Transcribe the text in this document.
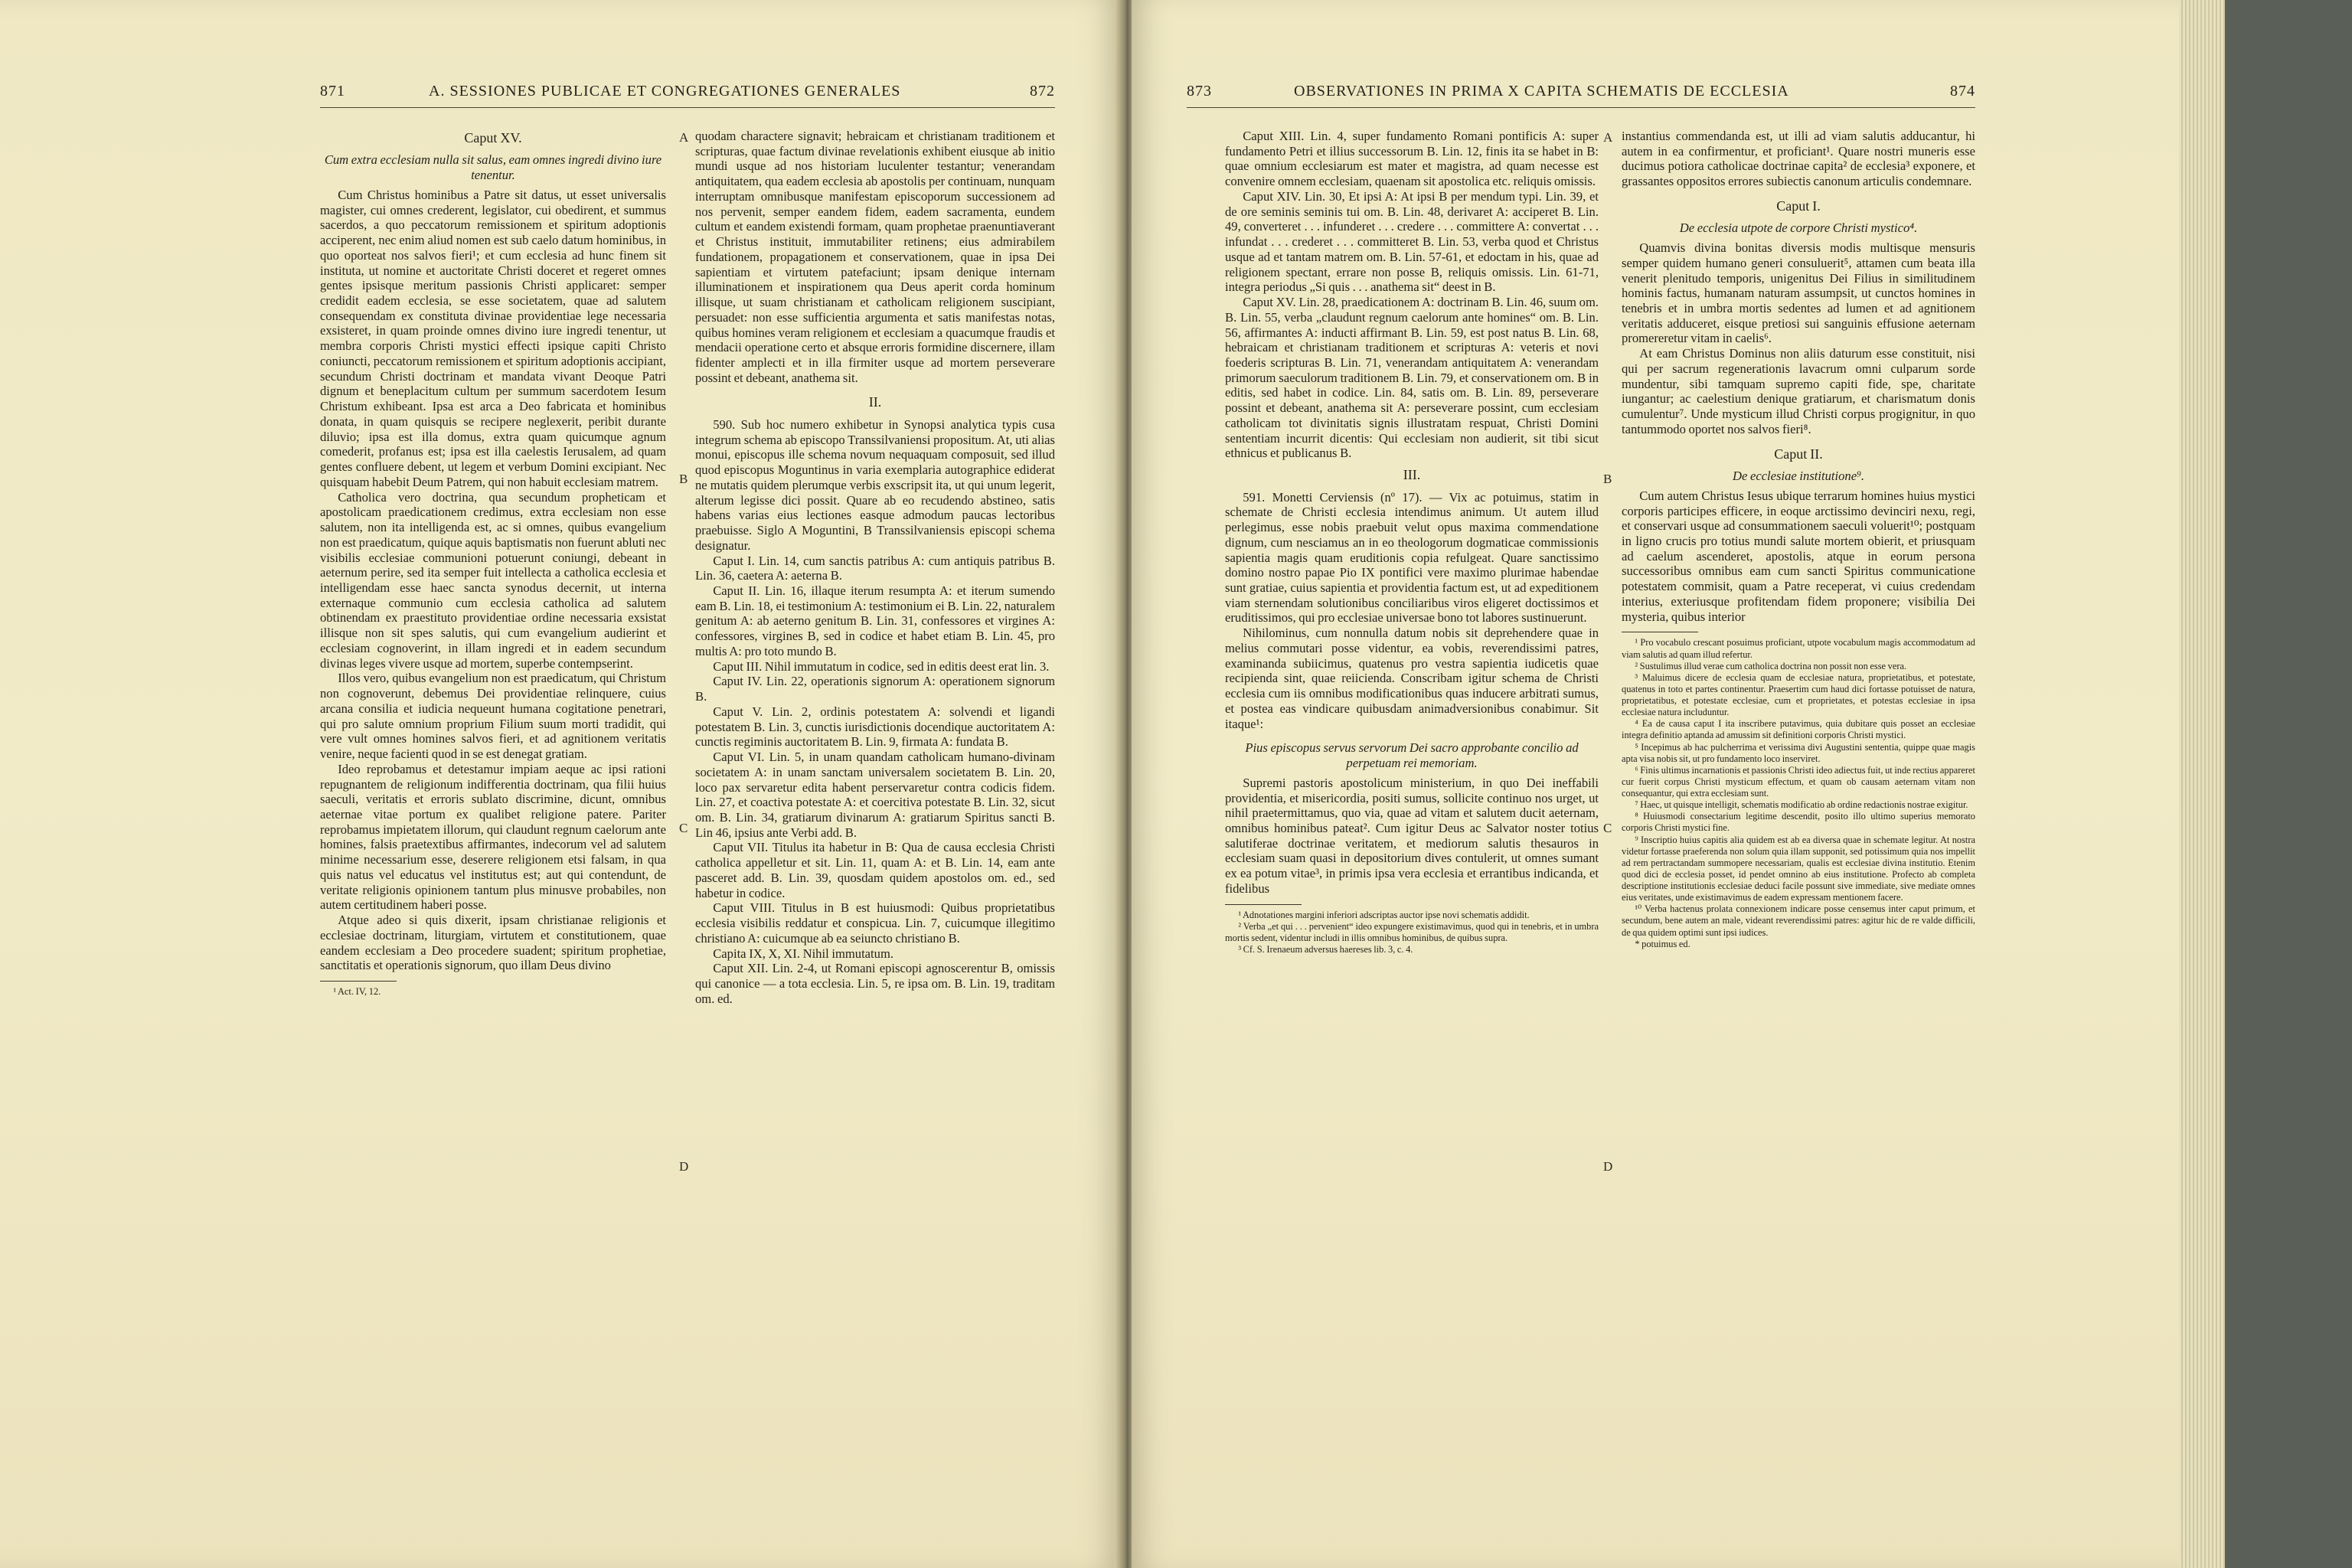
871	A. SESSIONES PUBLICAE ET CONGREGATIONES GENERALES	872

Caput XV.

Cum extra ecclesiam nulla sit salus, eam omnes ingredi divino iure tenentur.

Cum Christus hominibus a Patre sit datus, ut esset universalis magister, cui omnes crederent, legislator, cui obedirent, et summus sacerdos, a quo peccatorum remissionem et spiritum adoptionis acciperent, nec enim aliud nomen est sub caelo datum hominibus, in quo oporteat nos salvos fieri¹; et cum ecclesia ad hunc finem sit instituta, ut nomine et auctoritate Christi doceret et regeret omnes gentes ipsisque meritum passionis Christi applicaret: semper credidit eadem ecclesia, se esse societatem, quae ad salutem consequendam ex constituta divinae providentiae lege necessaria exsisteret, in quam proinde omnes divino iure ingredi tenentur, ut membra corporis Christi mystici effecti ipsique capiti Christo coniuncti, peccatorum remissionem et spiritum adoptionis accipiant, secundum Christi doctrinam et mandata vivant Deoque Patri dignum et beneplacitum cultum per summum sacerdotem Iesum Christum exhibeant. Ipsa est arca a Deo fabricata et hominibus donata, in quam quisquis se recipere neglexerit, peribit durante diluvio; ipsa est illa domus, extra quam quicumque agnum comederit, profanus est; ipsa est illa caelestis Ierusalem, ad quam gentes confluere debent, ut legem et verbum Domini excipiant. Nec quisquam habebit Deum Patrem, qui non habuit ecclesiam matrem.

Catholica vero doctrina, qua secundum propheticam et apostolicam praedicationem credimus, extra ecclesiam non esse salutem, non ita intelligenda est, ac si omnes, quibus evangelium non est praedicatum, quique aquis baptismatis non fuerunt abluti nec visibilis ecclesiae communioni potuerunt coniungi, debeant in aeternum perire, sed ita semper fuit intellecta a catholica ecclesia et intelligendam esse haec sancta synodus decernit, ut interna externaque communio cum ecclesia catholica ad salutem obtinendam ex praestituto providentiae ordine necessaria exsistat illisque non sit spes salutis, qui cum evangelium audierint et ecclesiam cognoverint, in illam ingredi et in eadem secundum divinas leges vivere usque ad mortem, superbe contempserint.

Illos vero, quibus evangelium non est praedicatum, qui Christum non cognoverunt, debemus Dei providentiae relinquere, cuius arcana consilia et iudicia nequeunt humana cogitatione penetrari, qui pro salute omnium proprium Filium suum morti tradidit, qui vere vult omnes homines salvos fieri, et ad agnitionem veritatis venire, neque facienti quod in se est denegat gratiam.

Ideo reprobamus et detestamur impiam aeque ac ipsi rationi repugnantem de religionum indifferentia doctrinam, qua filii huius saeculi, veritatis et erroris sublato discrimine, dicunt, omnibus aeternae vitae portum ex qualibet religione patere. Pariter reprobamus impietatem illorum, qui claudunt regnum caelorum ante homines, falsis praetextibus affirmantes, indecorum vel ad salutem minime necessarium esse, deserere religionem etsi falsam, in qua quis natus vel educatus vel institutus est; aut qui contendunt, de veritate religionis opinionem tantum plus minusve probabiles, non autem certitudinem haberi posse.

Atque adeo si quis dixerit, ipsam christianae religionis et ecclesiae doctrinam, liturgiam, virtutem et constitutionem, quae eandem ecclesiam a Deo procedere suadent; spiritum prophetiae, sanctitatis et operationis signorum, quo illam Deus divino

¹ Act. IV, 12.

A
B
C
D

quodam charactere signavit; hebraicam et christianam traditionem et scripturas, quae factum divinae revelationis exhibent eiusque ab initio mundi usque ad nos historiam luculenter testantur; venerandam antiquitatem, qua eadem ecclesia ab apostolis per continuam, nunquam interruptam omnibusque manifestam episcoporum successionem ad nos pervenit, semper eandem fidem, eadem sacramenta, eundem cultum et eandem existendi formam, quam prophetae praenuntiaverant et Christus instituit, immutabiliter retinens; eius admirabilem fundationem, propagationem et conservationem, quae in ipsa Dei sapientiam et virtutem patefaciunt; ipsam denique internam illuminationem et inspirationem qua Deus aperit corda hominum illisque, ut suam christianam et catholicam religionem suscipiant, persuadet: non esse sufficientia argumenta et satis manifestas notas, quibus homines veram religionem et ecclesiam a quacumque fraudis et mendacii operatione certo et absque erroris formidine discernere, illam fidenter amplecti et in illa firmiter usque ad mortem perseverare possint et debeant, anathema sit.

II.

590. Sub hoc numero exhibetur in Synopsi analytica typis cusa integrum schema ab episcopo Transsilvaniensi propositum. At, uti alias monui, episcopus ille schema novum nequaquam composuit, sed illud quod episcopus Moguntinus in varia exemplaria autographice ediderat ne mutatis quidem plerumque verbis exscripsit ita, ut qui unum legerit, alterum legisse dici possit. Quare ab eo recudendo abstineo, satis habens varias eius lectiones easque admodum paucas lectoribus praebuisse. Siglo A Moguntini, B Transsilvaniensis episcopi schema designatur.

Caput I. Lin. 14, cum sanctis patribus A: cum antiquis patribus B. Lin. 36, caetera A: aeterna B.

Caput II. Lin. 16, illaque iterum resumpta A: et iterum sumendo eam B. Lin. 18, ei testimonium A: testimonium ei B. Lin. 22, naturalem genitum A: ab aeterno genitum B. Lin. 31, confessores et virgines A: confessores, virgines B, sed in codice et habet etiam B. Lin. 45, pro multis A: pro toto mundo B.

Caput III. Nihil immutatum in codice, sed in editis deest erat lin. 3.

Caput IV. Lin. 22, operationis signorum A: operationem signorum B.

Caput V. Lin. 2, ordinis potestatem A: solvendi et ligandi potestatem B. Lin. 3, cunctis iurisdictionis docendique auctoritatem A: cunctis regiminis auctoritatem B. Lin. 9, firmata A: fundata B.

Caput VI. Lin. 5, in unam quandam catholicam humano-divinam societatem A: in unam sanctam universalem societatem B. Lin. 20, loco pax servaretur edita habent perservaretur contra codicis fidem. Lin. 27, et coactiva potestate A: et coercitiva potestate B. Lin. 32, sicut om. B. Lin. 34, gratiarum divinarum A: gratiarum Spiritus sancti B. Lin 46, ipsius ante Verbi add. B.

Caput VII. Titulus ita habetur in B: Qua de causa ecclesia Christi catholica appelletur et sit. Lin. 11, quam A: et B. Lin. 14, eam ante pasceret add. B. Lin. 39, quosdam quidem apostolos om. ed., sed habetur in codice.

Caput VIII. Titulus in B est huiusmodi: Quibus proprietatibus ecclesia visibilis reddatur et conspicua. Lin. 7, cuicumque illegitimo christiano A: cuicumque ab ea seiuncto christiano B.

Capita IX, X, XI. Nihil immutatum.

Caput XII. Lin. 2-4, ut Romani episcopi agnoscerentur B, omissis qui canonice — a tota ecclesia. Lin. 5, re ipsa om. B. Lin. 19, traditam om. ed.

873	OBSERVATIONES IN PRIMA X CAPITA SCHEMATIS DE ECCLESIA	874

Caput XIII. Lin. 4, super fundamento Romani pontificis A: super fundamento Petri et illius successorum B. Lin. 12, finis ita se habet in B: quae omnium ecclesiarum est mater et magistra, ad quam necesse est convenire omnem ecclesiam, quaenam sit apostolica etc. reliquis omissis.

Caput XIV. Lin. 30, Et ipsi A: At ipsi B per mendum typi. Lin. 39, et de ore seminis seminis tui om. B. Lin. 48, derivaret A: acciperet B. Lin. 49, converteret . . . infunderet . . . credere . . . committere A: convertat . . . infundat . . . crederet . . . committeret B. Lin. 53, verba quod et Christus usque ad et tantam matrem om. B. Lin. 57-61, et edoctam in his, quae ad religionem spectant, errare non posse B, reliquis omissis. Lin. 61-71, integra periodus „Si quis . . . anathema sit“ deest in B.

Caput XV. Lin. 28, praedicationem A: doctrinam B. Lin. 46, suum om. B. Lin. 55, verba „claudunt regnum caelorum ante homines“ om. B. Lin. 56, affirmantes A: inducti affirmant B. Lin. 59, est post natus B. Lin. 68, hebraicam et christianam traditionem et scripturas A: veteris et novi foederis scripturas B. Lin. 71, venerandam antiquitatem A: venerandam primorum saeculorum traditionem B. Lin. 79, et conservationem om. B in editis, sed habet in codice. Lin. 84, satis om. B. Lin. 89, perseverare possint et debeant, anathema sit A: perseverare possint, cum ecclesiam catholicam tot divinitatis signis illustratam respuat, Christi Domini sententiam incurrit dicentis: Qui ecclesiam non audierit, sit tibi sicut ethnicus et publicanus B.

III.

591. Monetti Cerviensis (nº 17). — Vix ac potuimus, statim in schemate de Christi ecclesia intendimus animum. Ut autem illud perlegimus, esse nobis praebuit velut opus maxima commendatione dignum, cum nesciamus an in eo theologorum dogmaticae commissionis sapientia magis quam eruditionis copia refulgeat. Quare sanctissimo domino nostro papae Pio IX pontifici vere maximo plurimae habendae sunt gratiae, cuius sapientia et providentia factum est, ut ad expeditionem viam sternendam solutionibus conciliaribus viros eligeret doctissimos et eruditissimos, qui pro ecclesiae universae bono tot labores sustinuerunt.

Nihilominus, cum nonnulla datum nobis sit deprehendere quae in melius commutari posse videntur, ea vobis, reverendissimi patres, examinanda subiicimus, quatenus pro vestra sapientia iudicetis quae recipienda sint, quae reiicienda. Conscribam igitur schema de Christi ecclesia cum iis omnibus modificationibus quas inducere arbitrati sumus, et postea eas vindicare quibusdam animadversionibus conabimur. Sit itaque¹:

Pius episcopus servus servorum Dei sacro approbante concilio ad perpetuam rei memoriam.

Supremi pastoris apostolicum ministerium, in quo Dei ineffabili providentia, et misericordia, positi sumus, sollicite continuo nos urget, ut nihil praetermittamus, quo via, quae ad vitam et salutem ducit aeternam, omnibus hominibus pateat². Cum igitur Deus ac Salvator noster totius salutiferae doctrinae veritatem, et mediorum salutis thesauros in ecclesiam suam quasi in depositorium dives contulerit, ut omnes sumant ex ea potum vitae³, in primis ipsa vera ecclesia et errantibus indicanda, et fidelibus

¹ Adnotationes margini inferiori adscriptas auctor ipse novi schematis addidit.

² Verba „et qui . . . pervenient“ ideo expungere existimavimus, quod qui in tenebris, et in umbra mortis sedent, videntur includi in illis omnibus hominibus, de quibus supra.

³ Cf. S. Irenaeum adversus haereses lib. 3, c. 4.

A
B
C
D

instantius commendanda est, ut illi ad viam salutis adducantur, hi autem in ea confirmentur, et proficiant¹. Quare nostri muneris esse ducimus potiora catholicae doctrinae capita² de ecclesia³ exponere, et grassantes oppositos errores subiectis canonum articulis condemnare.

Caput I.

De ecclesia utpote de corpore Christi mystico⁴.

Quamvis divina bonitas diversis modis multisque mensuris semper quidem humano generi consuluerit⁵, attamen cum beata illa venerit plenitudo temporis, unigenitus Dei Filius in similitudinem hominis factus, humanam naturam assumpsit, ut cunctos homines in tenebris et in umbra mortis sedentes ad lumen et ad agnitionem veritatis adduceret, eisque pretiosi sui sanguinis effusione aeternam promereretur vitam in caelis⁶.

At eam Christus Dominus non aliis daturum esse constituit, nisi qui per sacrum regenerationis lavacrum omni culparum sorde mundentur, sibi tamquam supremo capiti fide, spe, charitate iungantur; ac caelestium denique gratiarum, et charismatum donis cumulentur⁷. Unde mysticum illud Christi corpus progignitur, in quo tantummodo oportet nos salvos fieri⁸.

Caput II.

De ecclesiae institutione⁹.

Cum autem Christus Iesus ubique terrarum homines huius mystici corporis participes efficere, in eoque arctissimo devinciri nexu, regi, et conservari usque ad consummationem saeculi voluerit¹⁰; postquam in ligno crucis pro totius mundi salute mortem obierit, et priusquam ad caelum ascenderet, apostolis, atque in eorum persona successoribus omnibus eam cum sancti Spiritus communicatione potestatem commisit, quam a Patre receperat, vi cuius credendam interius, exteriusque profitendam fidem proponere; visibilia Dei mysteria, quibus interior

¹ Pro vocabulo crescant posuimus proficiant, utpote vocabulum magis accommodatum ad viam salutis ad quam illud refertur.

² Sustulimus illud verae cum catholica doctrina non possit non esse vera.

³ Maluimus dicere de ecclesia quam de ecclesiae natura, proprietatibus, et potestate, quatenus in toto et partes continentur. Praesertim cum haud dici fortasse potuisset de natura, proprietatibus, et potestate ecclesiae, cum et proprietates, et potestas ecclesiae in ipsa ecclesiae natura includuntur.

⁴ Ea de causa caput I ita inscribere putavimus, quia dubitare quis posset an ecclesiae integra definitio aptanda ad amussim sit definitioni corporis Christi mystici.

⁵ Incepimus ab hac pulcherrima et verissima divi Augustini sententia, quippe quae magis apta visa nobis sit, ut pro fundamento loco inserviret.

⁶ Finis ultimus incarnationis et passionis Christi ideo adiectus fuit, ut inde rectius appareret cur fuerit corpus Christi mysticum effectum, et quam ob causam aeternam vitam non consequantur, qui extra ecclesiam sunt.

⁷ Haec, ut quisque intelligit, schematis modificatio ab ordine redactionis nostrae exigitur.

⁸ Huiusmodi consectarium legitime descendit, posito illo ultimo superius memorato corporis Christi mystici fine.

⁹ Inscriptio huius capitis alia quidem est ab ea diversa quae in schemate legitur. At nostra videtur fortasse praeferenda non solum quia illam supponit, sed potissimum quia nos impellit ad rem pertractandam summopere necessariam, qualis est ecclesiae divina institutio. Etenim quod dici de ecclesia posset, id pendet omnino ab eius institutione. Profecto ab completa descriptione institutionis ecclesiae deduci facile possunt sive immediate, sive mediate omnes eius veritates, unde existimavimus de eadem expressam mentionem facere.

¹⁰ Verba hactenus prolata connexionem indicare posse censemus inter caput primum, et secundum, bene autem an male, videant reverendissimi patres: agitur hic de re valde difficili, de qua quidem optimi sunt ipsi iudices.

* potuimus ed.
